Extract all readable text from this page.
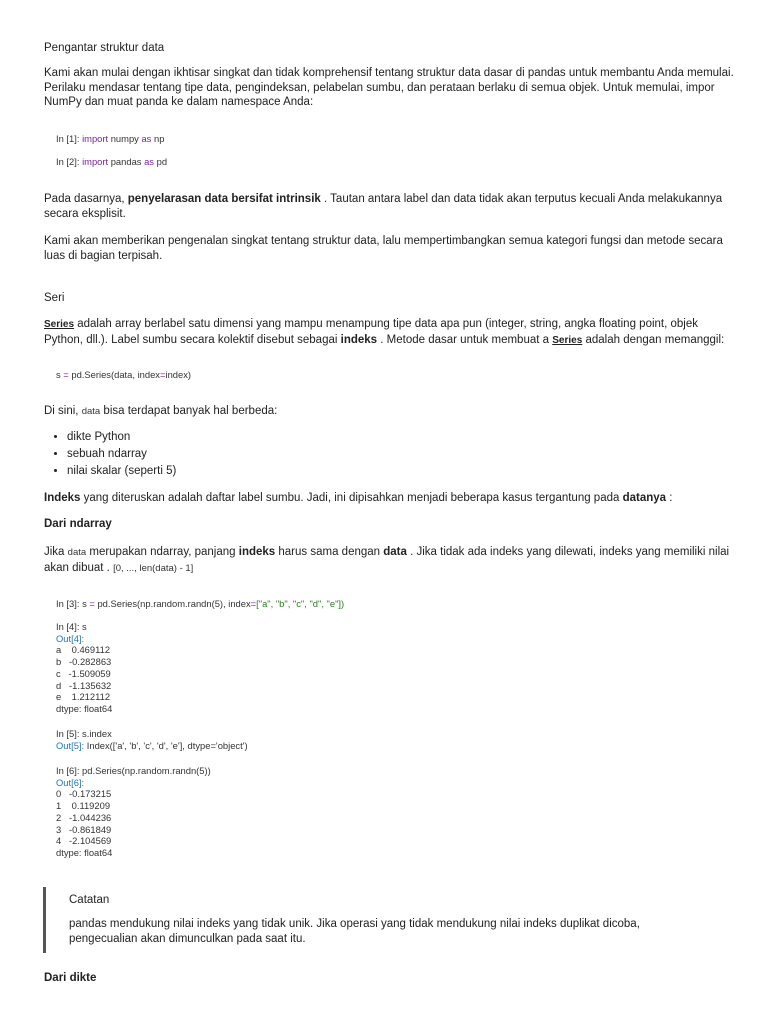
Pengantar struktur data

Kami akan mulai dengan ikhtisar singkat dan tidak komprehensif tentang struktur data dasar di pandas untuk membantu Anda memulai. Perilaku mendasar tentang tipe data, pengindeksan, pelabelan sumbu, dan perataan berlaku di semua objek. Untuk memulai, impor NumPy dan muat panda ke dalam namespace Anda:

In [1]: import numpy as np

In [2]: import pandas as pd

Pada dasarnya, penyelarasan data bersifat intrinsik . Tautan antara label dan data tidak akan terputus kecuali Anda melakukannya secara eksplisit.

Kami akan memberikan pengenalan singkat tentang struktur data, lalu mempertimbangkan semua kategori fungsi dan metode secara luas di bagian terpisah.

Seri

Series adalah array berlabel satu dimensi yang mampu menampung tipe data apa pun (integer, string, angka floating point, objek Python, dll.). Label sumbu secara kolektif disebut sebagai indeks . Metode dasar untuk membuat a Series adalah dengan memanggil:

s = pd.Series(data, index=index)

Di sini, data bisa terdapat banyak hal berbeda:

• dikte Python
• sebuah ndarray
• nilai skalar (seperti 5)

Indeks yang diteruskan adalah daftar label sumbu. Jadi, ini dipisahkan menjadi beberapa kasus tergantung pada datanya :

Dari ndarray

Jika data merupakan ndarray, panjang indeks harus sama dengan data . Jika tidak ada indeks yang dilewati, indeks yang memiliki nilai akan dibuat . [0, ..., len(data) - 1]

In [3]: s = pd.Series(np.random.randn(5), index=["a", "b", "c", "d", "e"])

In [4]: s
Out[4]:
a    0.469112
b   -0.282863
c   -1.509059
d   -1.135632
e    1.212112
dtype: float64
In [5]: s.index
Out[5]: Index(['a', 'b', 'c', 'd', 'e'], dtype='object')
In [6]: pd.Series(np.random.randn(5))
Out[6]:
0   -0.173215
1    0.119209
2   -1.044236
3   -0.861849
4   -2.104569
dtype: float64

Catatan

pandas mendukung nilai indeks yang tidak unik. Jika operasi yang tidak mendukung nilai indeks duplikat dicoba, pengecualian akan dimunculkan pada saat itu.

Dari dikte
